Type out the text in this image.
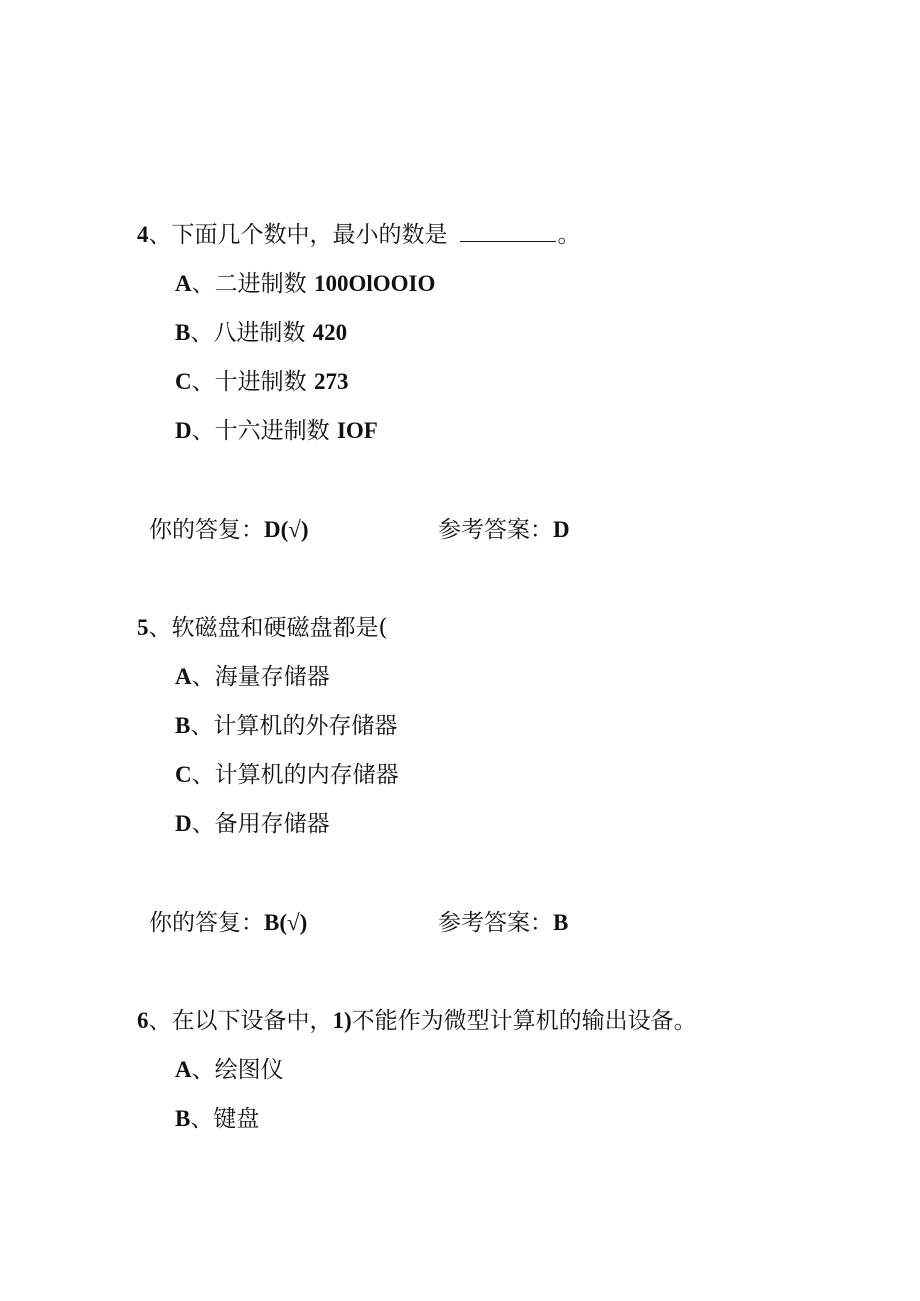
4、下面几个数中，最小的数是	。
A、二进制数 100OlOOIO
B、八进制数 420
C、十进制数 273
D、十六进制数 IOF
你的答复：D(√)	参考答案：D
5、软磁盘和硬磁盘都是(
A、海量存储器
B、计算机的外存储器
C、计算机的内存储器
D、备用存储器
你的答复：B(√)	参考答案：B
6、在以下设备中，1)不能作为微型计算机的输出设备。
A、绘图仪
B、键盘
